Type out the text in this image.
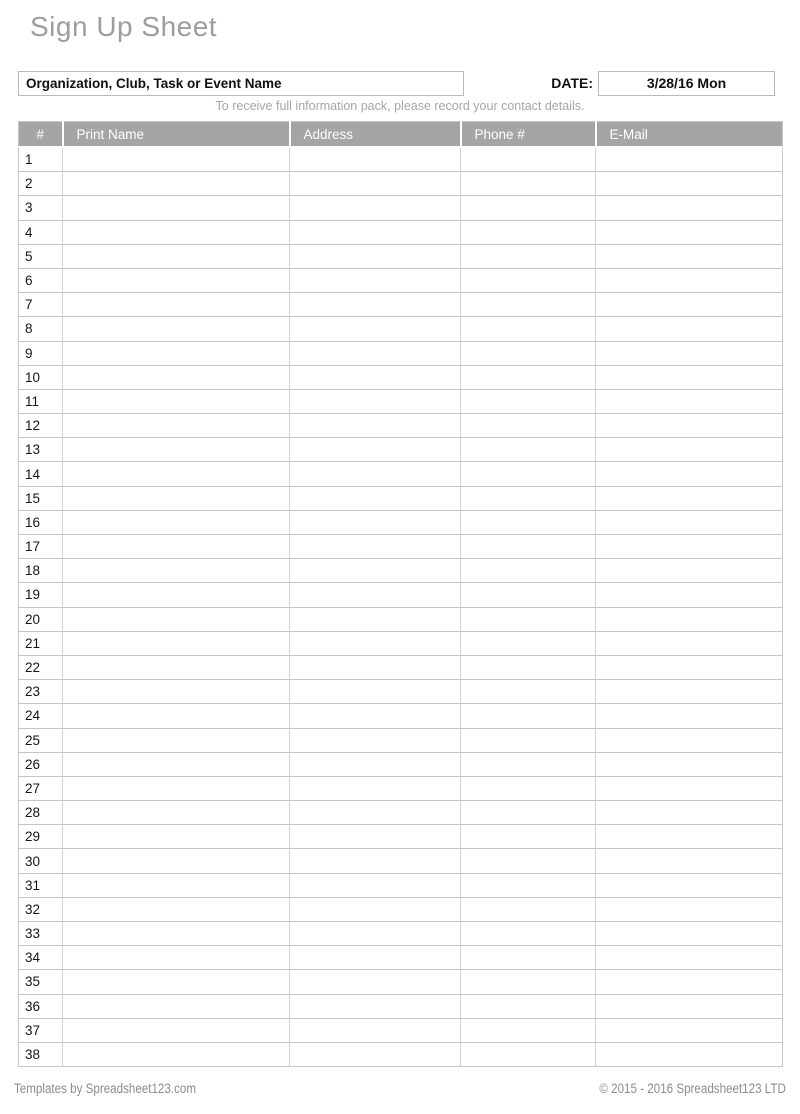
Sign Up Sheet
Organization, Club, Task or Event Name	DATE:	3/28/16 Mon
To receive full information pack, please record your contact details.
#	Print Name	Address	Phone #	E-Mail
1				
2				
3				
4				
5				
6				
7				
8				
9				
10				
11				
12				
13				
14				
15				
16				
17				
18				
19				
20				
21				
22				
23				
24				
25				
26				
27				
28				
29				
30				
31				
32				
33				
34				
35				
36				
37				
38				
Templates by Spreadsheet123.com	© 2015 - 2016 Spreadsheet123 LTD
